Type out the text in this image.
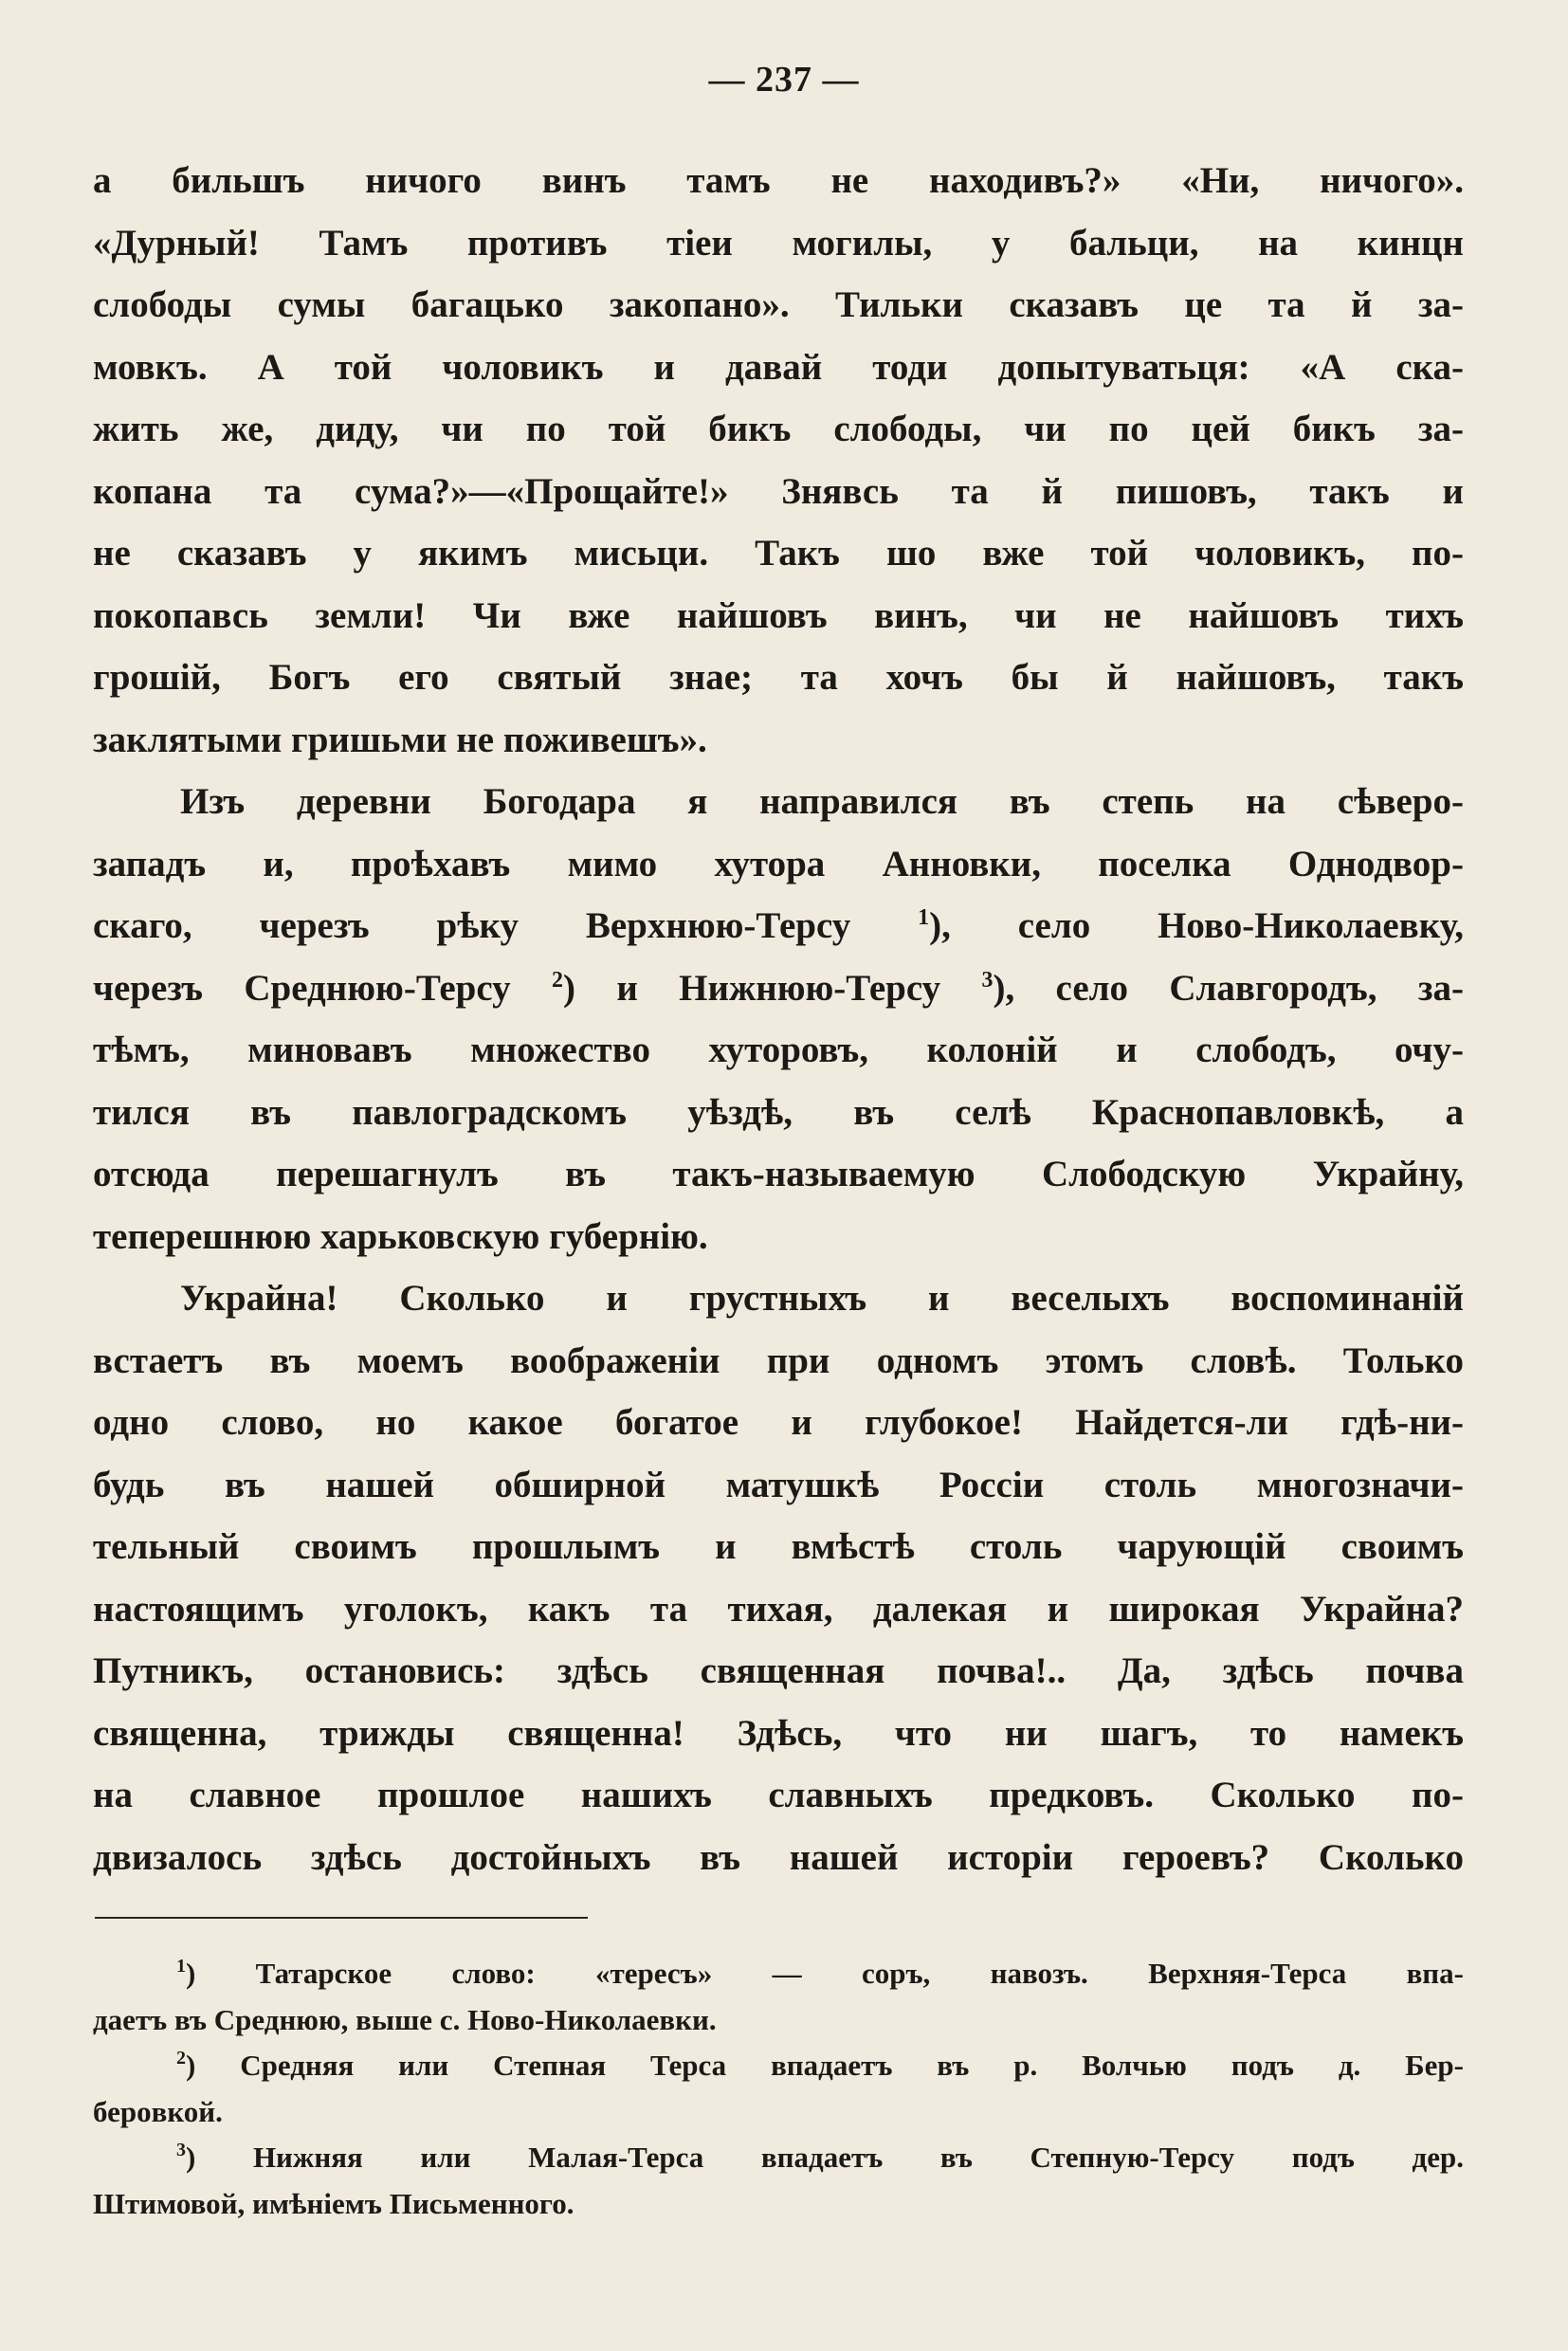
— 237 —
а бильшъ ничого винъ тамъ не находивъ?» «Ни, ничого».
«Дурный! Тамъ противъ тіеи могилы, у бальци, на кинцн
слободы сумы багацько закопано». Тильки сказавъ це та й за-
мовкъ. А той чоловикъ и давай тоди допытуватьця: «А ска-
жить же, диду, чи по той бикъ слободы, чи по цей бикъ за-
копана та сума?»—«Прощайте!» Знявсь та й пишовъ, такъ и
не сказавъ у якимъ мисьци. Такъ шо вже той чоловикъ, по-
покопавсь земли! Чи вже найшовъ винъ, чи не найшовъ тихъ
грошій, Богъ его святый знае; та хочъ бы й найшовъ, такъ
заклятыми гришьми не поживешъ».
Изъ деревни Богодара я направился въ степь на сѣверо-
западъ и, проѣхавъ мимо хутора Анновки, поселка Однодвор-
скаго, черезъ рѣку Верхнюю-Терсу	$^1$), село Ново-Николаевку,
черезъ Среднюю-Терсу $^2$) и Нижнюю-Терсу $^3$), село Славгородъ, за-
тѣмъ, миновавъ множество хуторовъ, колоній и слободъ, очу-
тился въ павлоградскомъ уѣздѣ, въ селѣ Краснопавловкѣ, а
отсюда перешагнулъ въ такъ-называемую Слободскую Украйну,
теперешнюю харьковскую губернію.
Украйна! Сколько и грустныхъ и веселыхъ воспоминаній
встаетъ въ моемъ воображеніи при одномъ этомъ словѣ. Только
одно слово, но какое богатое и глубокое! Найдется-ли гдѣ-ни-
будь въ нашей обширной матушкѣ Россіи столь многозначи-
тельный своимъ прошлымъ и вмѣстѣ столь чарующій своимъ
настоящимъ уголокъ, какъ та тихая, далекая и широкая Украйна?
Путникъ, остановись: здѣсь священная почва!.. Да, здѣсь почва
священна, трижды священна! Здѣсь, что ни шагъ, то намекъ
на славное прошлое нашихъ славныхъ предковъ. Сколько по-
двизалось здѣсь достойныхъ въ нашей исторіи героевъ? Сколько
$^1$) Татарское слово: «тересъ» — соръ, навозъ. Верхняя-Терса впа-
даетъ въ Среднюю, выше с. Ново-Николаевки.
$^2$) Средняя или Степная Терса впадаетъ въ р. Волчью подъ д. Бер-
берoвкой.
$^3$) Нижняя или Малая-Терса впадаетъ въ Степную-Терсу подъ дер.
Штимовой, имѣніемъ Письменного.
